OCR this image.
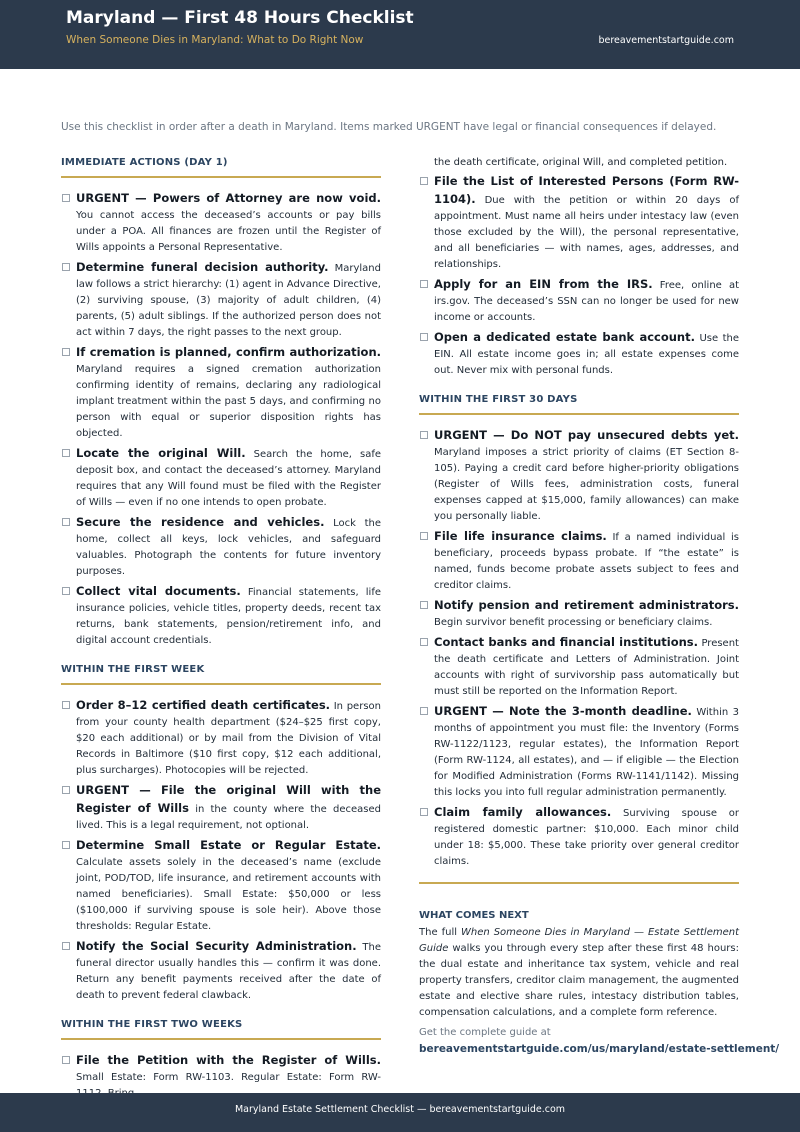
Maryland — First 48 Hours Checklist
When Someone Dies in Maryland: What to Do Right Now	bereavementstartguide.com
Use this checklist in order after a death in Maryland. Items marked URGENT have legal or financial consequences if delayed.
IMMEDIATE ACTIONS (DAY 1)
URGENT — Powers of Attorney are now void. You cannot access the deceased’s accounts or pay bills under a POA. All finances are frozen until the Register of Wills appoints a Personal Representative.
Determine funeral decision authority. Maryland law follows a strict hierarchy: (1) agent in Advance Directive, (2) surviving spouse, (3) majority of adult children, (4) parents, (5) adult siblings. If the authorized person does not act within 7 days, the right passes to the next group.
If cremation is planned, confirm authorization. Maryland requires a signed cremation authorization confirming identity of remains, declaring any radiological implant treatment within the past 5 days, and confirming no person with equal or superior disposition rights has objected.
Locate the original Will. Search the home, safe deposit box, and contact the deceased’s attorney. Maryland requires that any Will found must be filed with the Register of Wills — even if no one intends to open probate.
Secure the residence and vehicles. Lock the home, collect all keys, lock vehicles, and safeguard valuables. Photograph the contents for future inventory purposes.
Collect vital documents. Financial statements, life insurance policies, vehicle titles, property deeds, recent tax returns, bank statements, pension/retirement info, and digital account credentials.
WITHIN THE FIRST WEEK
Order 8–12 certified death certificates. In person from your county health department ($24–$25 first copy, $20 each additional) or by mail from the Division of Vital Records in Baltimore ($10 first copy, $12 each additional, plus surcharges). Photocopies will be rejected.
URGENT — File the original Will with the Register of Wills in the county where the deceased lived. This is a legal requirement, not optional.
Determine Small Estate or Regular Estate. Calculate assets solely in the deceased’s name (exclude joint, POD/TOD, life insurance, and retirement accounts with named beneficiaries). Small Estate: $50,000 or less ($100,000 if surviving spouse is sole heir). Above those thresholds: Regular Estate.
Notify the Social Security Administration. The funeral director usually handles this — confirm it was done. Return any benefit payments received after the date of death to prevent federal clawback.
WITHIN THE FIRST TWO WEEKS
File the Petition with the Register of Wills. Small Estate: Form RW-1103. Regular Estate: Form RW-
the death certificate, original Will, and completed petition.
File the List of Interested Persons (Form RW-1104). Due with the petition or within 20 days of appointment. Must name all heirs under intestacy law (even those excluded by the Will), the personal representative, and all beneficiaries — with names, ages, addresses, and relationships.
Apply for an EIN from the IRS. Free, online at irs.gov. The deceased’s SSN can no longer be used for new income or accounts.
Open a dedicated estate bank account. Use the EIN. All estate income goes in; all estate expenses come out. Never mix with personal funds.
WITHIN THE FIRST 30 DAYS
URGENT — Do NOT pay unsecured debts yet. Maryland imposes a strict priority of claims (ET Section 8-105). Paying a credit card before higher-priority obligations (Register of Wills fees, administration costs, funeral expenses capped at $15,000, family allowances) can make you personally liable.
File life insurance claims. If a named individual is beneficiary, proceeds bypass probate. If “the estate” is named, funds become probate assets subject to fees and creditor claims.
Notify pension and retirement administrators. Begin survivor benefit processing or beneficiary claims.
Contact banks and financial institutions. Present the death certificate and Letters of Administration. Joint accounts with right of survivorship pass automatically but must still be reported on the Information Report.
URGENT — Note the 3-month deadline. Within 3 months of appointment you must file: the Inventory (Forms RW-1122/1123, regular estates), the Information Report (Form RW-1124, all estates), and — if eligible — the Election for Modified Administration (Forms RW-1141/1142). Missing this locks you into full regular administration permanently.
Claim family allowances. Surviving spouse or registered domestic partner: $10,000. Each minor child under 18: $5,000. These take priority over general creditor claims.
WHAT COMES NEXT
The full When Someone Dies in Maryland — Estate Settlement Guide walks you through every step after these first 48 hours: the dual estate and inheritance tax system, vehicle and real property transfers, creditor claim management, the augmented estate and elective share rules, intestacy distribution tables, compensation calculations, and a complete form reference.
Get the complete guide at
bereavementstartguide.com/us/maryland/estate-settlement/
Maryland Estate Settlement Checklist — bereavementstartguide.com
